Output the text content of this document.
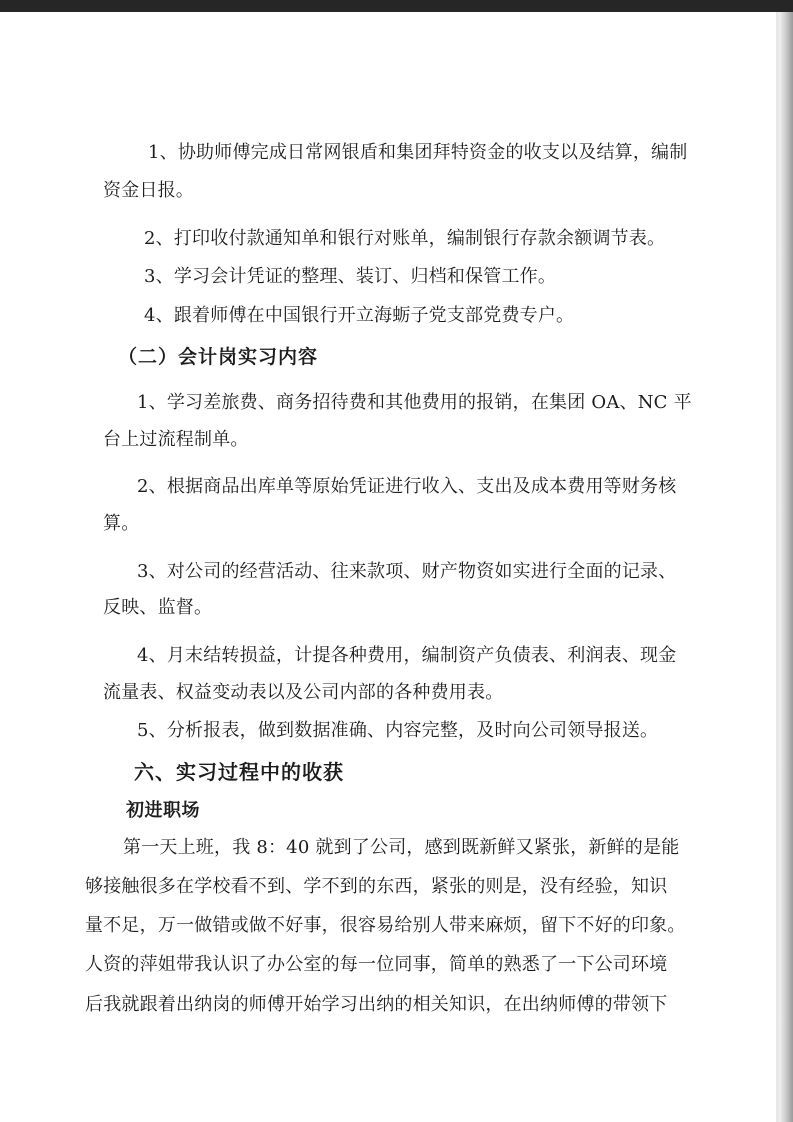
1、协助师傅完成日常网银盾和集团拜特资金的收支以及结算，编制
资金日报。
2、打印收付款通知单和银行对账单，编制银行存款余额调节表。
3、学习会计凭证的整理、装订、归档和保管工作。
4、跟着师傅在中国银行开立海蛎子党支部党费专户。
（二）会计岗实习内容
1、学习差旅费、商务招待费和其他费用的报销，在集团 OA、NC 平
台上过流程制单。
2、根据商品出库单等原始凭证进行收入、支出及成本费用等财务核
算。
3、对公司的经营活动、往来款项、财产物资如实进行全面的记录、
反映、监督。
4、月末结转损益，计提各种费用，编制资产负债表、利润表、现金
流量表、权益变动表以及公司内部的各种费用表。
5、分析报表，做到数据准确、内容完整，及时向公司领导报送。
六、实习过程中的收获
初进职场
第一天上班，我 8：40 就到了公司，感到既新鲜又紧张，新鲜的是能
够接触很多在学校看不到、学不到的东西，紧张的则是，没有经验，知识
量不足，万一做错或做不好事，很容易给别人带来麻烦，留下不好的印象。
人资的萍姐带我认识了办公室的每一位同事，简单的熟悉了一下公司环境
后我就跟着出纳岗的师傅开始学习出纳的相关知识，在出纳师傅的带领下
